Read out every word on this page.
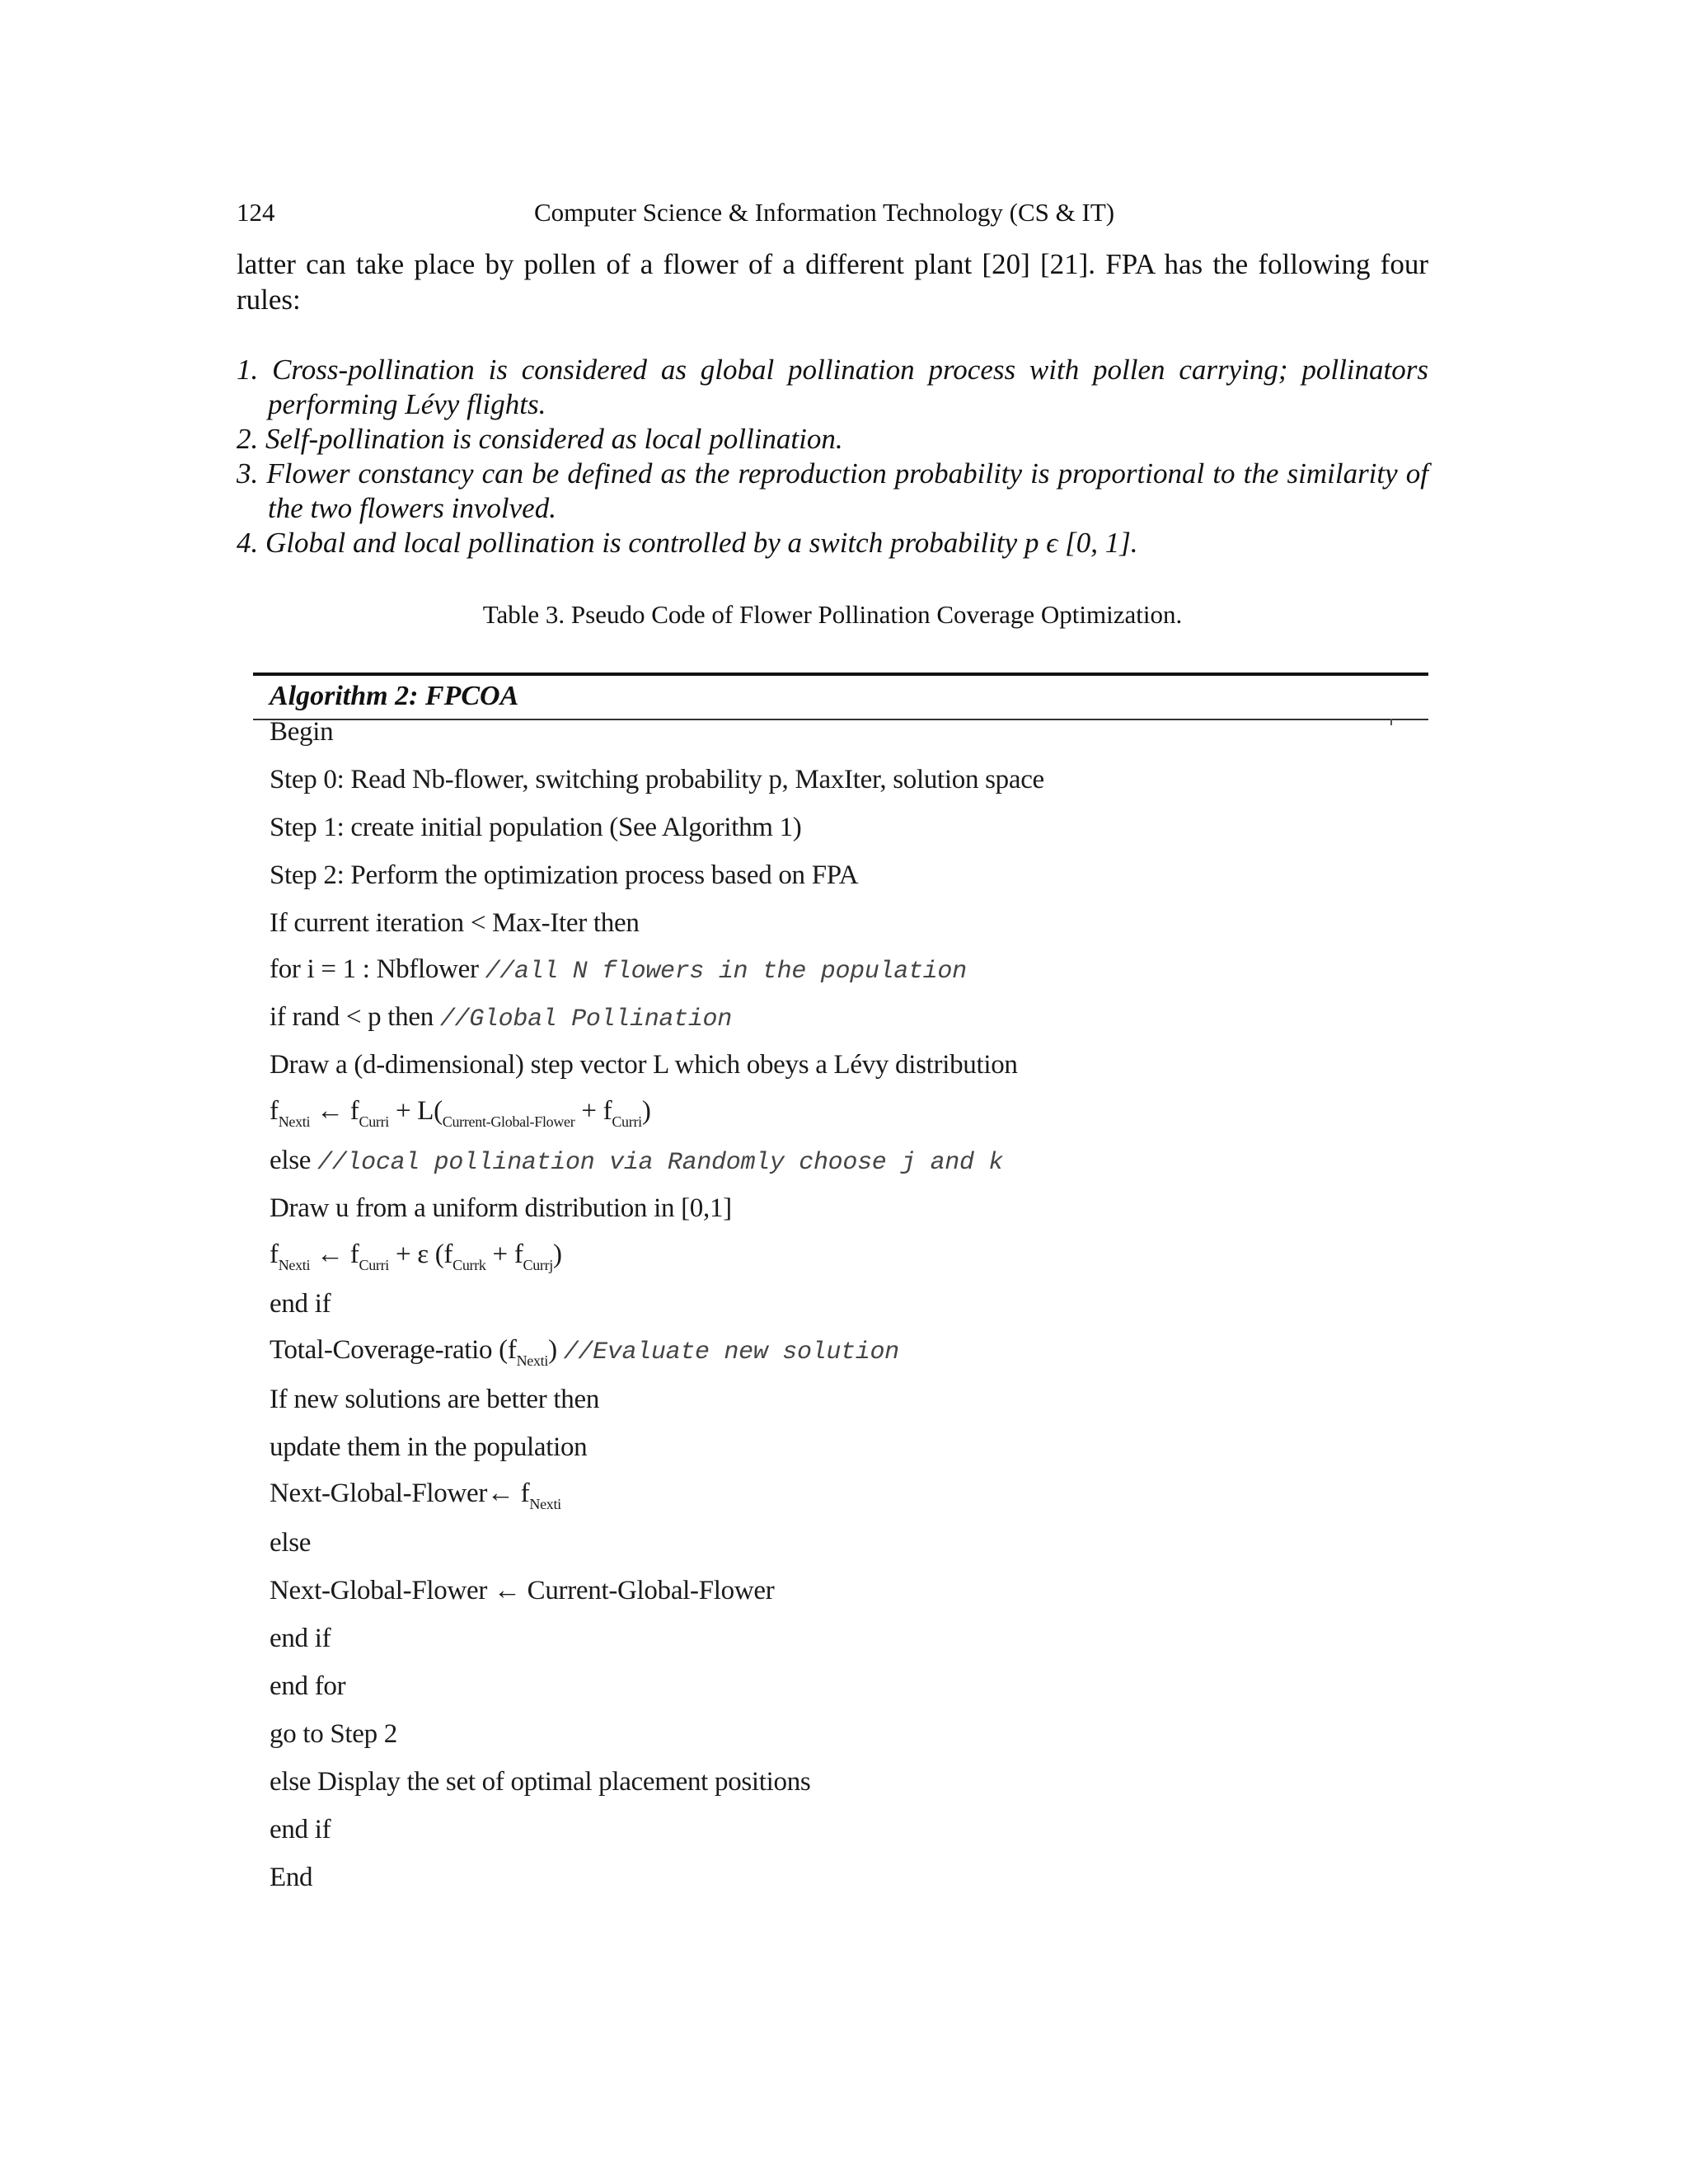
124	Computer Science & Information Technology (CS & IT)

latter can take place by pollen of a flower of a different plant [20] [21]. FPA has the following four rules:

1. Cross-pollination is considered as global pollination process with pollen carrying; pollinators performing Lévy flights.
2. Self-pollination is considered as local pollination.
3. Flower constancy can be defined as the reproduction probability is proportional to the similarity of the two flowers involved.
4. Global and local pollination is controlled by a switch probability p ϵ [0, 1].
Table 3. Pseudo Code of Flower Pollination Coverage Optimization.
Algorithm 2: FPCOA
Begin
Step 0: Read Nb-flower, switching probability p, MaxIter, solution space
Step 1: create initial population (See Algorithm 1)
Step 2: Perform the optimization process based on FPA
If current iteration < Max-Iter then
for i = 1 : Nbflower //all N flowers in the population
if rand < p then //Global Pollination
Draw a (d-dimensional) step vector L which obeys a Lévy distribution
$f_{Nexti}$ ← $f_{Curri} + L(_{Current-Global-Flower} + f_{Curri})$
else //local pollination via Randomly choose j and k
Draw u from a uniform distribution in [0,1]
$f_{Nexti}$ ← $f_{Curri} + \varepsilon$ $(f_{Currk} + f_{Currj})$
end if
Total-Coverage-ratio $(f_{Nexti})$ //Evaluate new solution
If new solutions are better then
update them in the population
Next-Global-Flower← $f_{Nexti}$
else
Next-Global-Flower ← Current-Global-Flower
end if
end for
go to Step 2
else Display the set of optimal placement positions
end if
End
